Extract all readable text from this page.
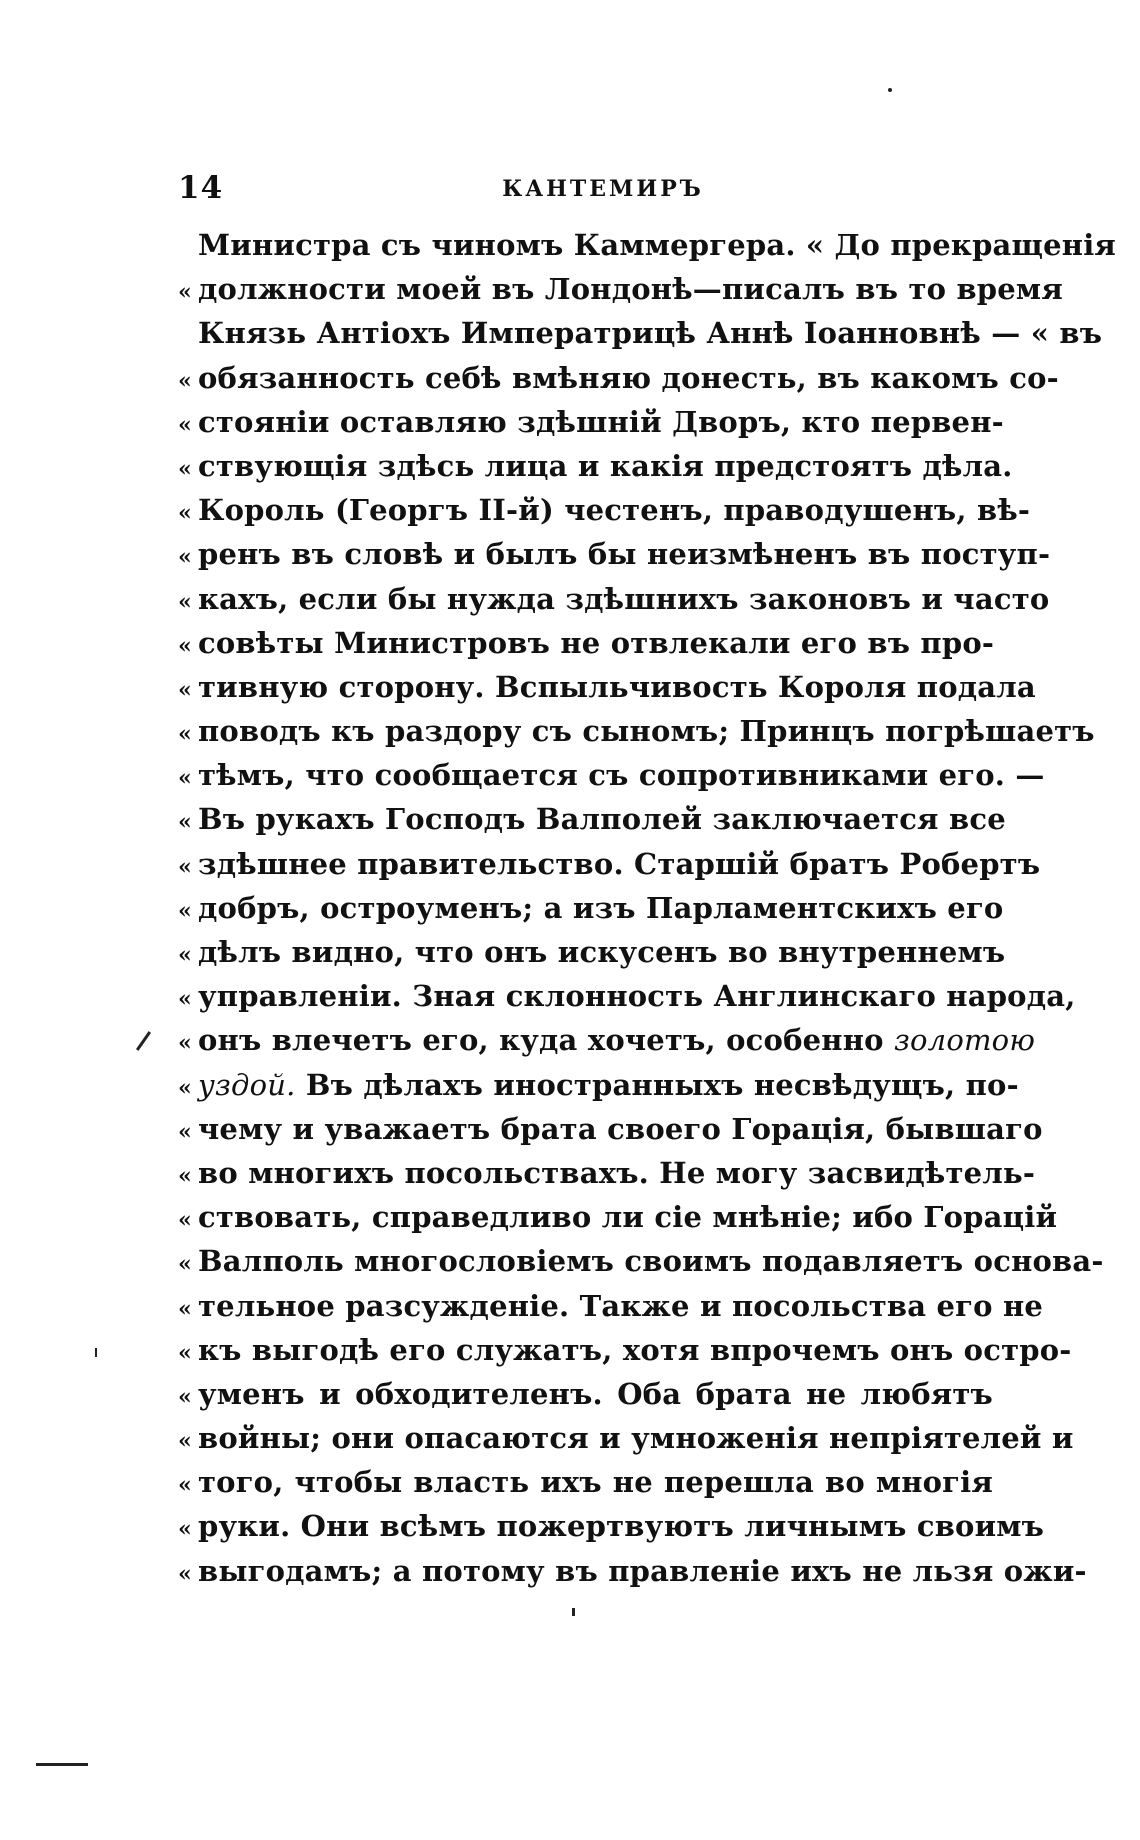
14	КАНТЕМИРЪ
Министра съ чиномъ Каммергера. « До прекращенія
« должности моей въ Лондонѣ—писалъ въ то время
Князь Антіохъ Императрицѣ Аннѣ Іоанновнѣ — « въ
« обязанность себѣ вмѣняю донесть, въ какомъ со-
« стояніи оставляю здѣшній Дворъ, кто первен-
« ствующія здѣсь лица и какія предстоятъ дѣла.
« Король (Георгъ II-й) честенъ, праводушенъ, вѣ-
« ренъ въ словѣ и былъ бы неизмѣненъ въ поступ-
« кахъ, если бы нужда здѣшнихъ законовъ и часто
« совѣты Министровъ не отвлекали его въ про-
« тивную сторону. Вспыльчивость Короля подала
« поводъ къ раздору съ сыномъ; Принцъ погрѣшаетъ
« тѣмъ, что сообщается съ сопротивниками его. —
« Въ рукахъ Господъ Валполей заключается все
« здѣшнее правительство. Старшій братъ Робертъ
« добръ, остроуменъ; а изъ Парламентскихъ его
« дѣлъ видно, что онъ искусенъ во внутреннемъ
« управленіи. Зная склонность Англинскаго народа,
« онъ влечетъ его, куда хочетъ, особенно золотою
« уздой. Въ дѣлахъ иностранныхъ несвѣдущъ, по-
« чему и уважаетъ брата своего Горація, бывшаго
« во многихъ посольствахъ. Не могу засвидѣтель-
« ствовать, справедливо ли сіе мнѣніе; ибо Горацій
« Валполь многословіемъ своимъ подавляетъ основа-
« тельное разсужденіе. Также и посольства его не
« къ выгодѣ его служатъ, хотя впрочемъ онъ остро-
« уменъ и обходителенъ. Оба брата не любятъ
« войны; они опасаются и умноженія непріятелей и
« того, чтобы власть ихъ не перешла во многія
« руки. Они всѣмъ пожертвуютъ личнымъ своимъ
« выгодамъ; а потому въ правленіе ихъ не льзя ожи-
